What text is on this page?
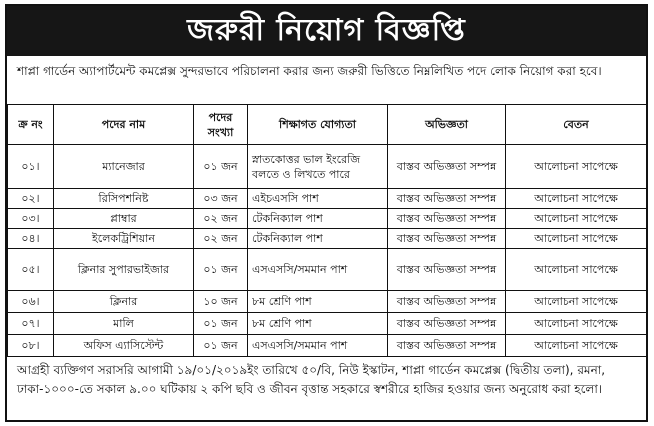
জরুরী নিয়োগ বিজ্ঞপ্তি
শাপ্লা গার্ডেন অ্যাপার্টমেন্ট কমপ্লেক্স সুন্দরভাবে পরিচালনা করার জন্য জরুরী ভিত্তিতে নিম্নলিখিত পদে লোক নিয়োগ করা হবে।
ক্র নং	পদের নাম	পদের সংখ্যা	শিক্ষাগত যোগ্যতা	অভিজ্ঞতা	বেতন
০১।	ম্যানেজার	০১ জন	স্নাতকোত্তর ভাল ইংরেজি বলতে ও লিখতে পারে	বাস্তব অভিজ্ঞতা সম্পন্ন	আলোচনা সাপেক্ষে
০২।	রিসিপশনিষ্ট	০৩ জন	এইচএসসি পাশ	বাস্তব অভিজ্ঞতা সম্পন্ন	আলোচনা সাপেক্ষে
০৩।	প্লাম্বার	০২ জন	টেকনিক্যাল পাশ	বাস্তব অভিজ্ঞতা সম্পন্ন	আলোচনা সাপেক্ষে
০৪।	ইলেকট্রিশিয়ান	০২ জন	টেকনিক্যাল পাশ	বাস্তব অভিজ্ঞতা সম্পন্ন	আলোচনা সাপেক্ষে
০৫।	ক্লিনার সুপারভাইজার	০১ জন	এসএসসি/সমমান পাশ	বাস্তব অভিজ্ঞতা সম্পন্ন	আলোচনা সাপেক্ষে
০৬।	ক্লিনার	১০ জন	৮ম শ্রেণি পাশ	বাস্তব অভিজ্ঞতা সম্পন্ন	আলোচনা সাপেক্ষে
০৭।	মালি	০১ জন	৮ম শ্রেণি পাশ	বাস্তব অভিজ্ঞতা সম্পন্ন	আলোচনা সাপেক্ষে
০৮।	অফিস এ্যাসিস্টেন্ট	০১ জন	এসএসসি/সমমান পাশ	বাস্তব অভিজ্ঞতা সম্পন্ন	আলোচনা সাপেক্ষে
আগ্রহী ব্যক্তিগণ সরাসরি আগামী ১৯/০১/২০১৯ইং তারিখে ৫০/বি, নিউ ইস্কাটন, শাপ্লা গার্ডেন কমপ্লেক্স (দ্বিতীয় তলা), রমনা, ঢাকা-১০০০-তে সকাল ৯.০০ ঘটিকায় ২ কপি ছবি ও জীবন বৃত্তান্ত সহকারে স্বশরীরে হাজির হওয়ার জন্য অনুরোধ করা হলো।
